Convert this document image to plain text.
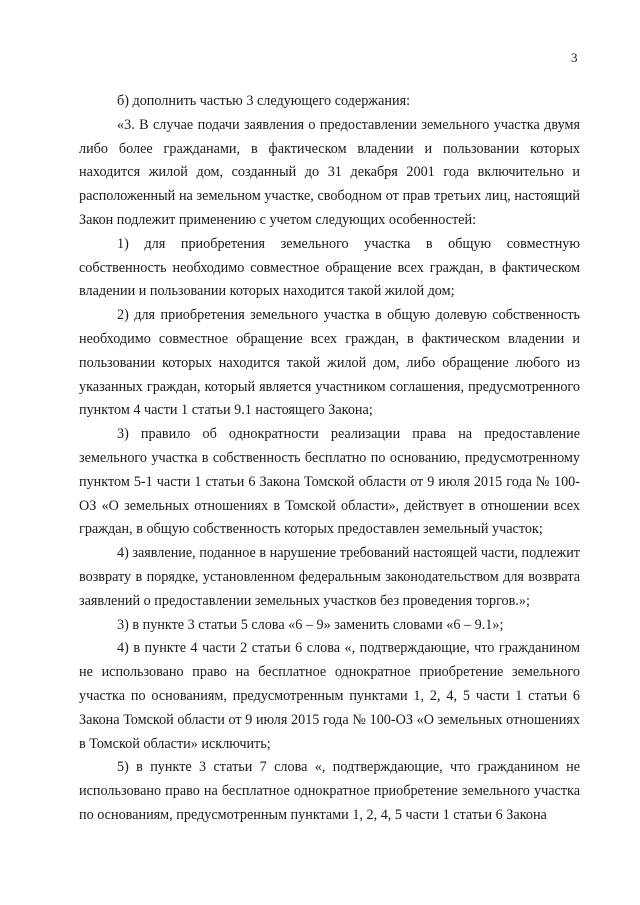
3

б) дополнить частью 3 следующего содержания:

«3. В случае подачи заявления о предоставлении земельного участка двумя либо более гражданами, в фактическом владении и пользовании которых находится жилой дом, созданный до 31 декабря 2001 года включительно и расположенный на земельном участке, свободном от прав третьих лиц, настоящий Закон подлежит применению с учетом следующих особенностей:

1) для приобретения земельного участка в общую совместную собственность необходимо совместное обращение всех граждан, в фактическом владении и пользовании которых находится такой жилой дом;

2) для приобретения земельного участка в общую долевую собственность необходимо совместное обращение всех граждан, в фактическом владении и пользовании которых находится такой жилой дом, либо обращение любого из указанных граждан, который является участником соглашения, предусмотренного пунктом 4 части 1 статьи 9.1 настоящего Закона;

3) правило об однократности реализации права на предоставление земельного участка в собственность бесплатно по основанию, предусмотренному пунктом 5-1 части 1 статьи 6 Закона Томской области от 9 июля 2015 года № 100-ОЗ «О земельных отношениях в Томской области», действует в отношении всех граждан, в общую собственность которых предоставлен земельный участок;

4) заявление, поданное в нарушение требований настоящей части, подлежит возврату в порядке, установленном федеральным законодательством для возврата заявлений о предоставлении земельных участков без проведения торгов.»;

3) в пункте 3 статьи 5 слова «6 – 9» заменить словами «6 – 9.1»;

4) в пункте 4 части 2 статьи 6 слова «, подтверждающие, что гражданином не использовано право на бесплатное однократное приобретение земельного участка по основаниям, предусмотренным пунктами 1, 2, 4, 5 части 1 статьи 6 Закона Томской области от 9 июля 2015 года № 100-ОЗ «О земельных отношениях в Томской области» исключить;

5) в пункте 3 статьи 7 слова «, подтверждающие, что гражданином не использовано право на бесплатное однократное приобретение земельного участка по основаниям, предусмотренным пунктами 1, 2, 4, 5 части 1 статьи 6 Закона
